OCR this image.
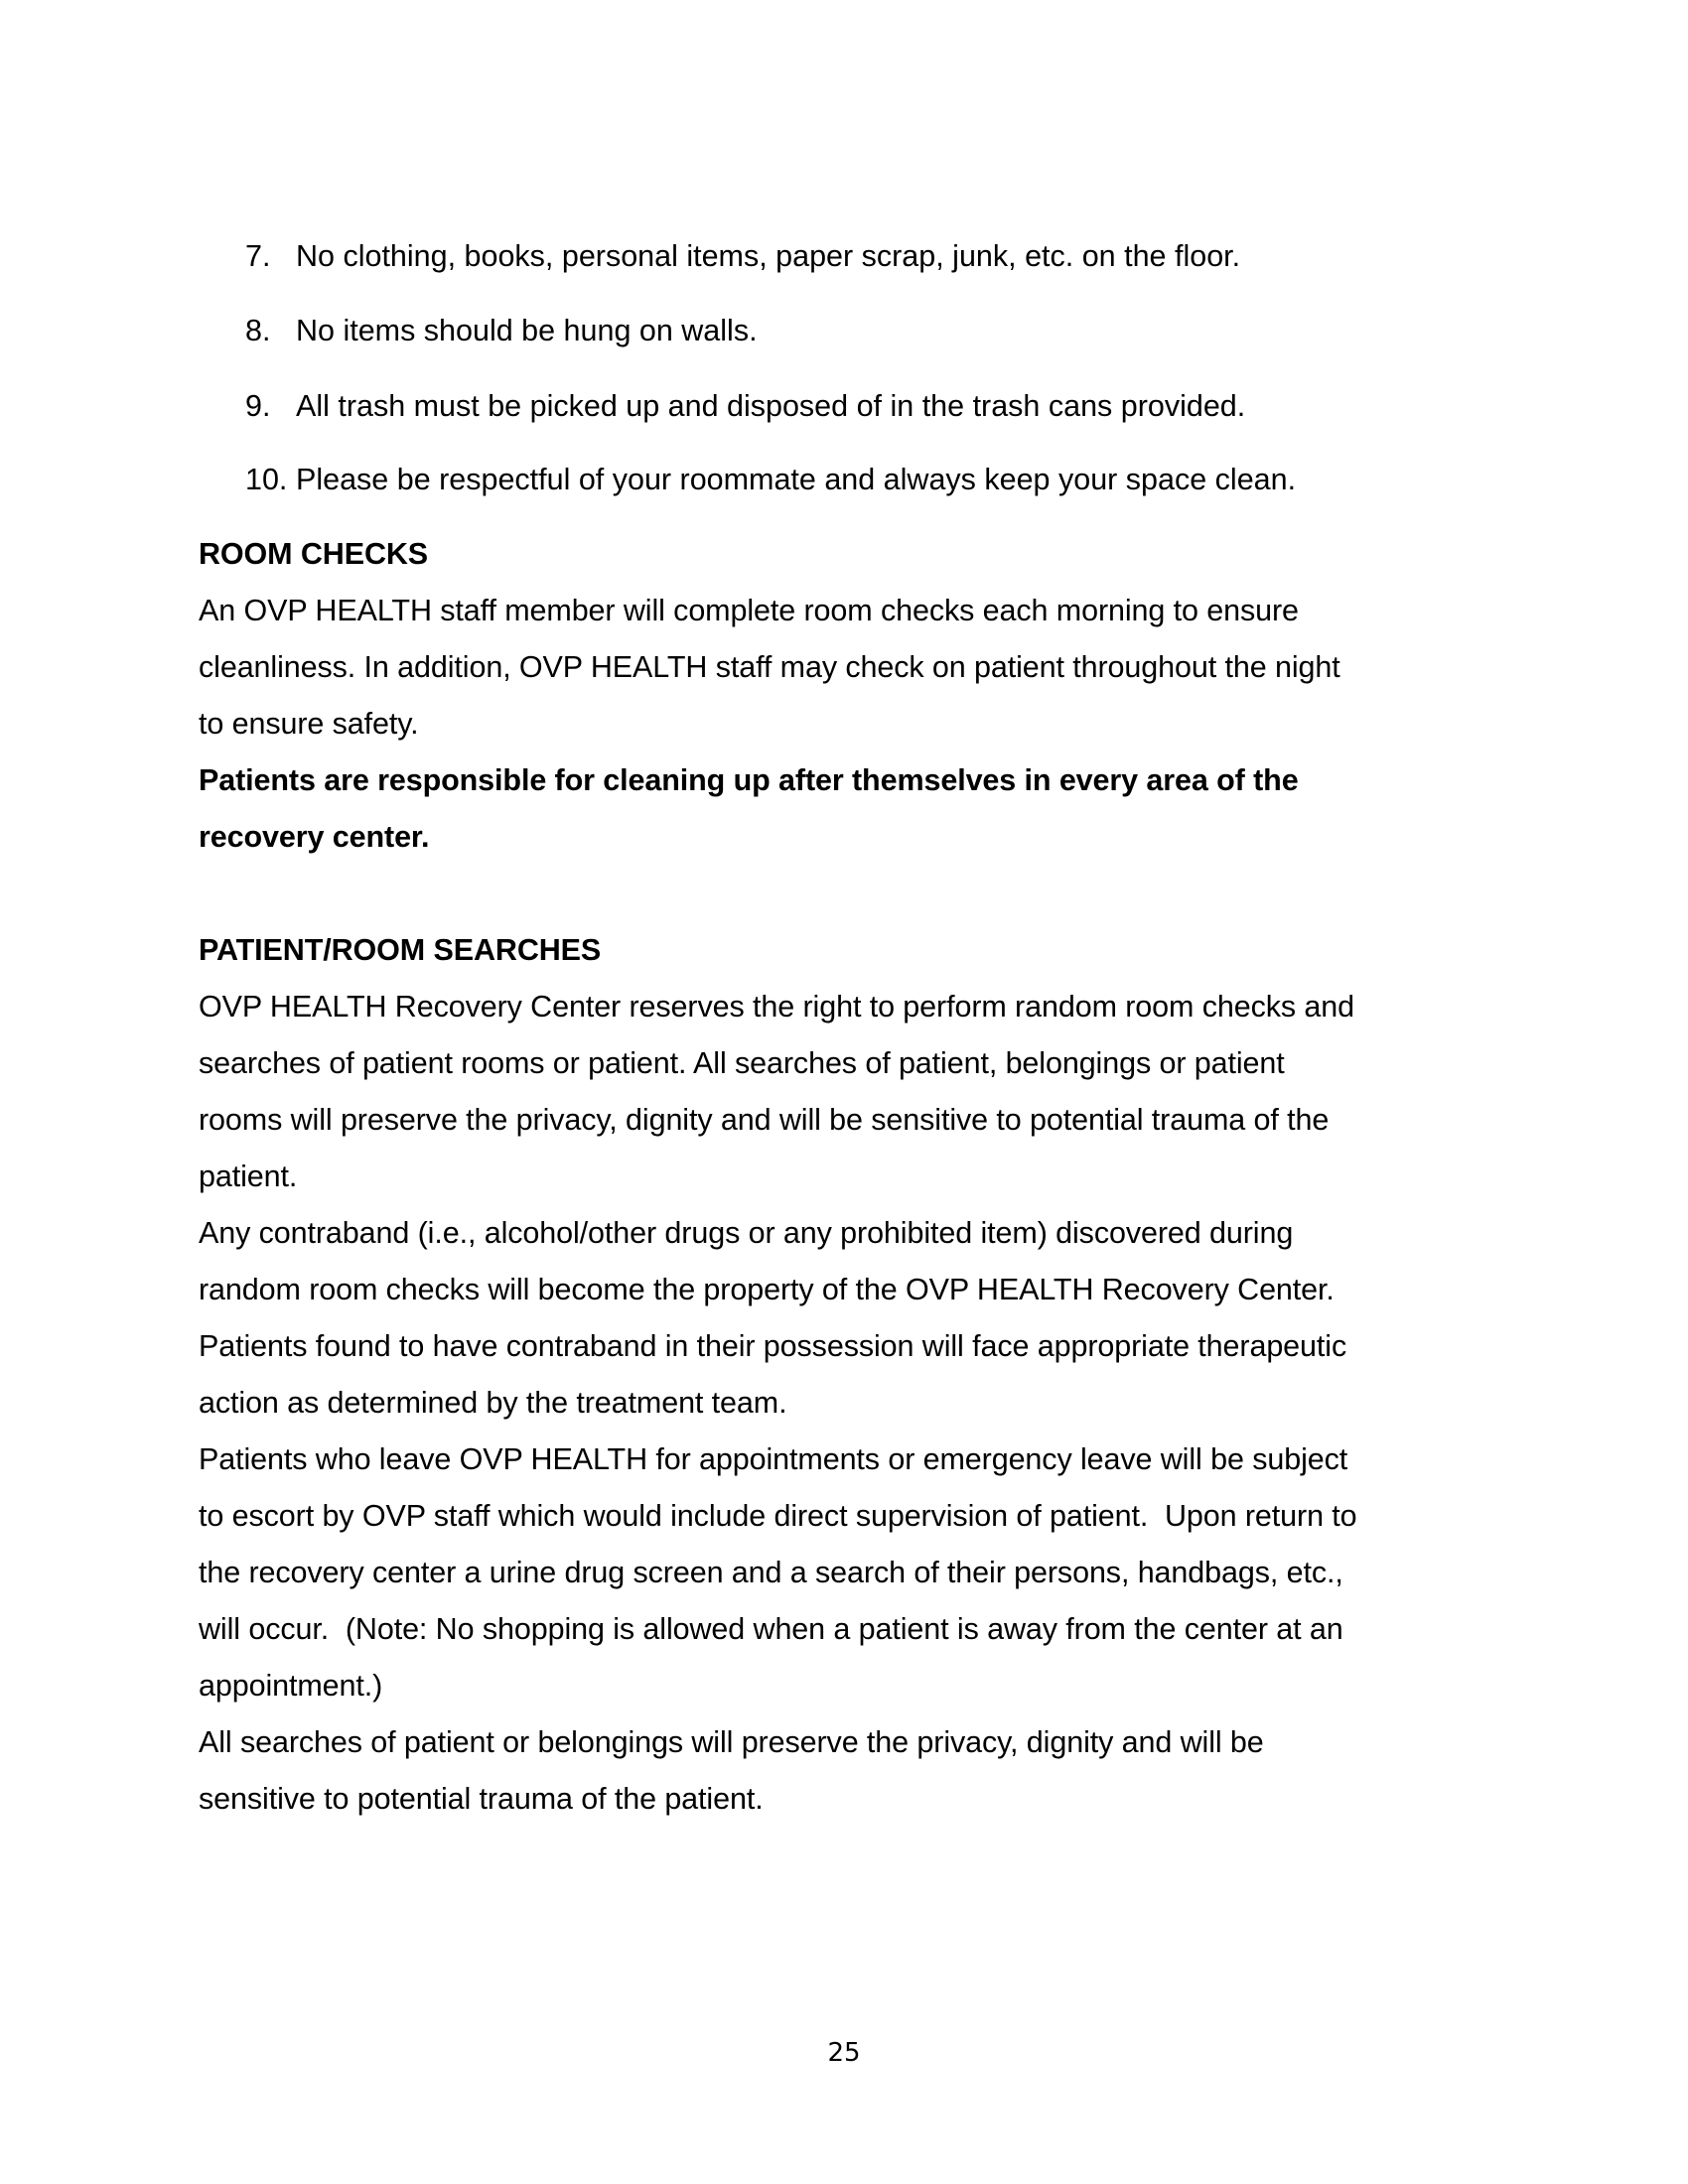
7. No clothing, books, personal items, paper scrap, junk, etc. on the floor.
8. No items should be hung on walls.
9. All trash must be picked up and disposed of in the trash cans provided.
10. Please be respectful of your roommate and always keep your space clean.
ROOM CHECKS
An OVP HEALTH staff member will complete room checks each morning to ensure
cleanliness. In addition, OVP HEALTH staff may check on patient throughout the night
to ensure safety.
Patients are responsible for cleaning up after themselves in every area of the
recovery center.
PATIENT/ROOM SEARCHES
OVP HEALTH Recovery Center reserves the right to perform random room checks and
searches of patient rooms or patient. All searches of patient, belongings or patient
rooms will preserve the privacy, dignity and will be sensitive to potential trauma of the
patient.
Any contraband (i.e., alcohol/other drugs or any prohibited item) discovered during
random room checks will become the property of the OVP HEALTH Recovery Center.
Patients found to have contraband in their possession will face appropriate therapeutic
action as determined by the treatment team.
Patients who leave OVP HEALTH for appointments or emergency leave will be subject
to escort by OVP staff which would include direct supervision of patient.  Upon return to
the recovery center a urine drug screen and a search of their persons, handbags, etc.,
will occur.  (Note: No shopping is allowed when a patient is away from the center at an
appointment.)
All searches of patient or belongings will preserve the privacy, dignity and will be
sensitive to potential trauma of the patient.
25
